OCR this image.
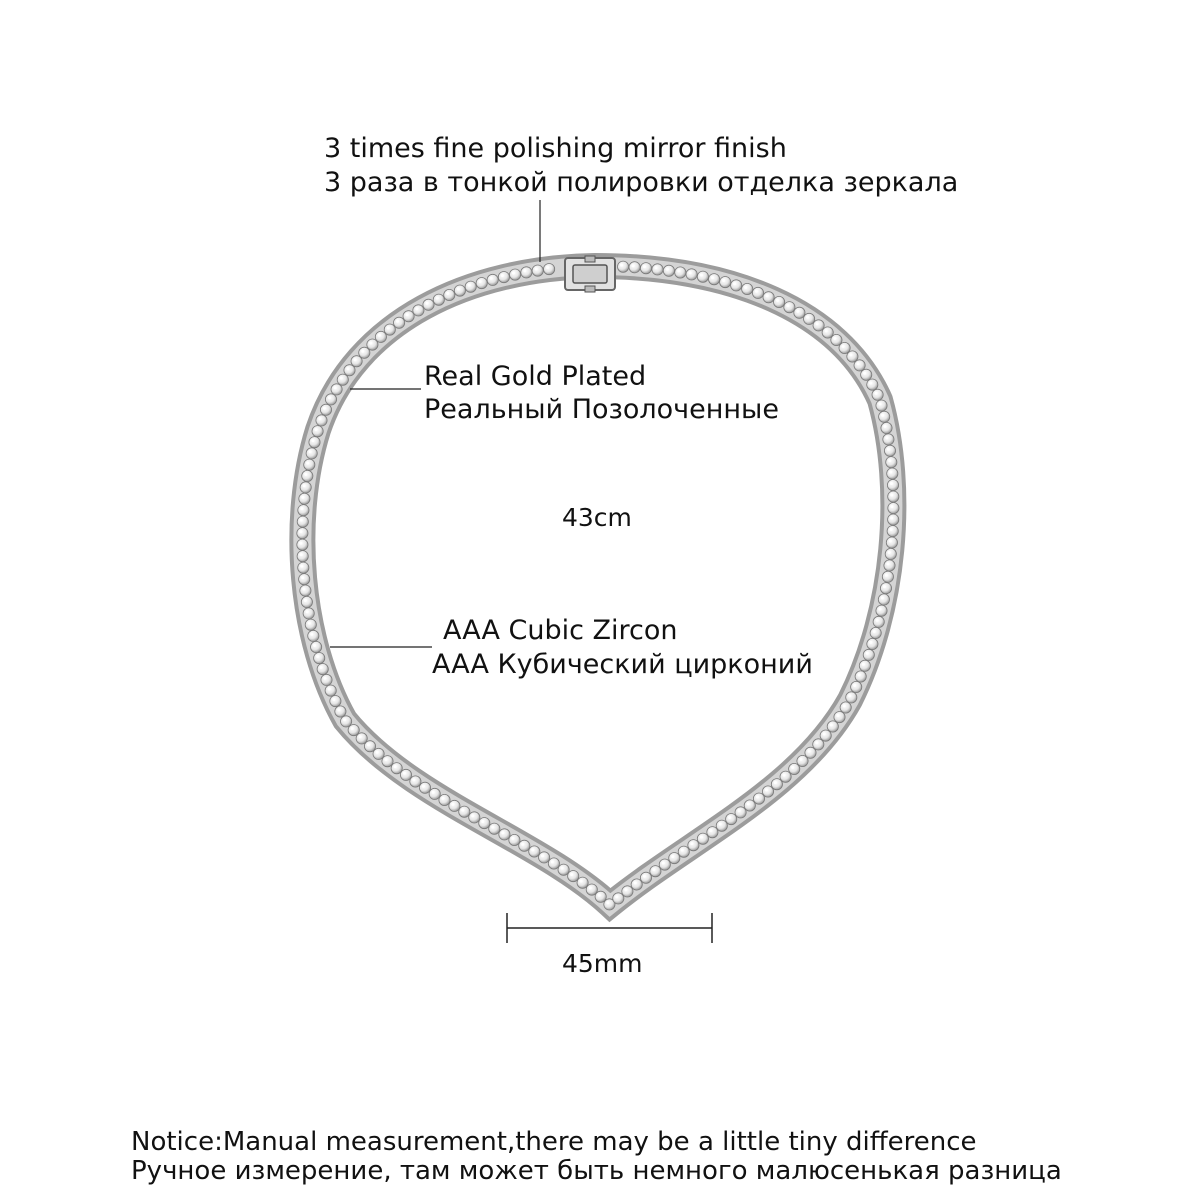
3 times fine polishing mirror finish
3 раза в тонкой полировки отделка зеркала
Real Gold Plated
Реальный Позолоченные
43cm
AAA Cubic Zircon
AAA Кубический цирконий
45mm
Notice:Manual measurement,there may be a little tiny difference
Ручное измерение, там может быть немного малюсенькая разница
